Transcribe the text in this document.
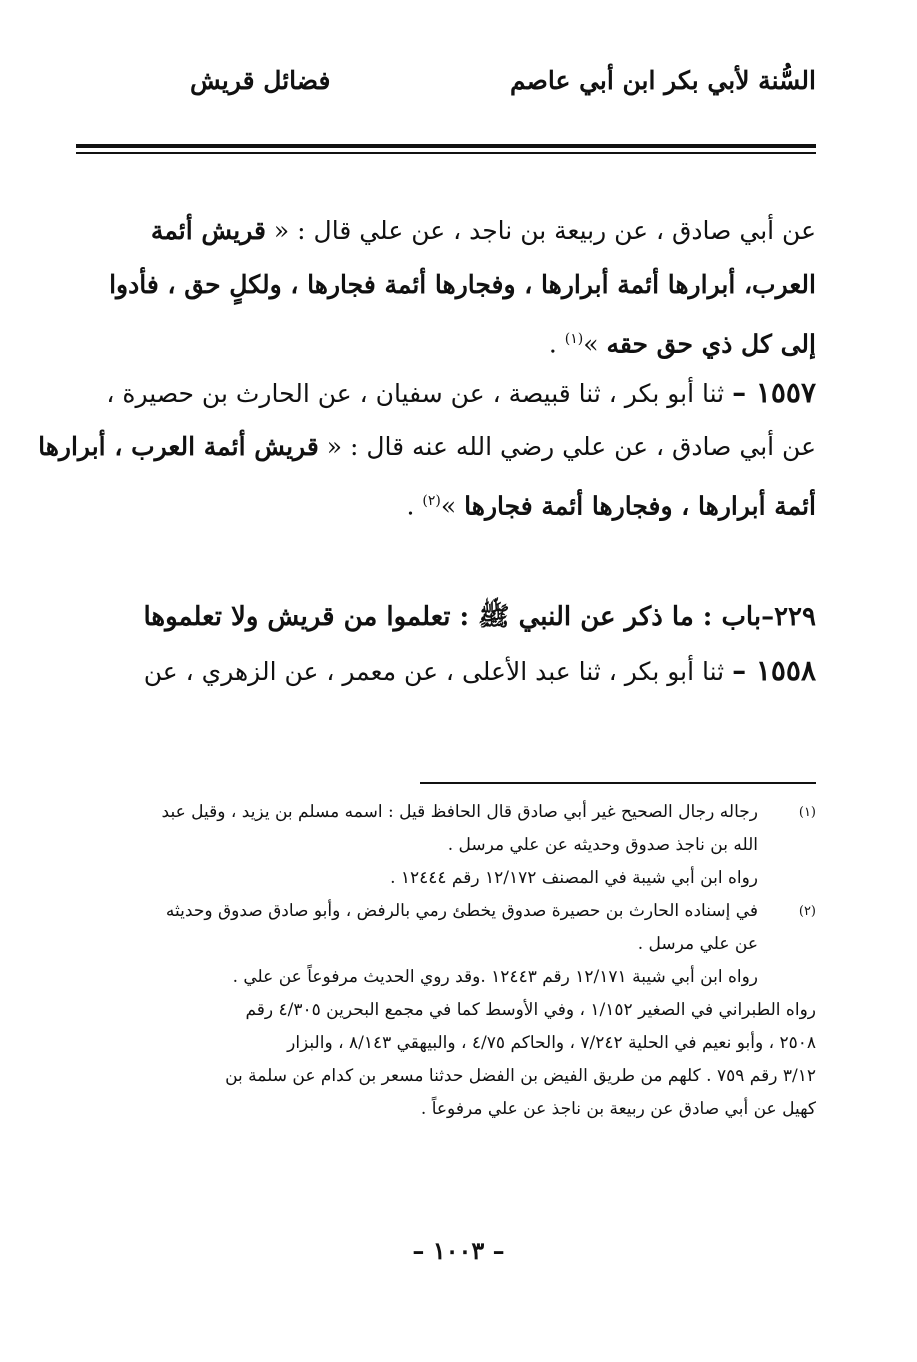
السُّنة لأبي بكر ابن أبي عاصم
فضائل قريش
عن أبي صادق ، عن ربيعة بن ناجد ، عن علي قال : « قريش أئمة
العرب، أبرارها أئمة أبرارها ، وفجارها أئمة فجارها ، ولكلٍ حق ، فأدوا
إلى كل ذي حق حقه »$^{(١)}$ .
١٥٥٧ – ثنا أبو بكر ، ثنا قبيصة ، عن سفيان ، عن الحارث بن حصيرة ،
عن أبي صادق ، عن علي رضي الله عنه قال : « قريش أئمة العرب ، أبرارها
أئمة أبرارها ، وفجارها أئمة فجارها »$^{(٢)}$ .
٢٢٩–باب : ما ذكر عن النبي ﷺ : تعلموا من قريش ولا تعلموها
١٥٥٨ – ثنا أبو بكر ، ثنا عبد الأعلى ، عن معمر ، عن الزهري ، عن
(١)رجاله رجال الصحيح غير أبي صادق قال الحافظ قيل : اسمه مسلم بن يزيد ، وقيل عبد
الله بن ناجذ صدوق وحديثه عن علي مرسل .
رواه ابن أبي شيبة في المصنف ١٢/١٧٢ رقم ١٢٤٤٤ .
(٢)في إسناده الحارث بن حصيرة صدوق يخطئ رمي بالرفض ، وأبو صادق صدوق وحديثه
عن علي مرسل .
رواه ابن أبي شيبة ١٢/١٧١ رقم ١٢٤٤٣ .وقد روي الحديث مرفوعاً عن علي .
رواه الطبراني في الصغير ١/١٥٢ ، وفي الأوسط كما في مجمع البحرين ٤/٣٠٥ رقم
٢٥٠٨ ، وأبو نعيم في الحلية ٧/٢٤٢ ، والحاكم ٤/٧٥ ، والبيهقي ٨/١٤٣ ، والبزار
٣/١٢ رقم ٧٥٩ . كلهم من طريق الفيض بن الفضل حدثنا مسعر بن كدام عن سلمة بن
كهيل عن أبي صادق عن ربيعة بن ناجذ عن علي مرفوعاً .
– ١٠٠٣ –
